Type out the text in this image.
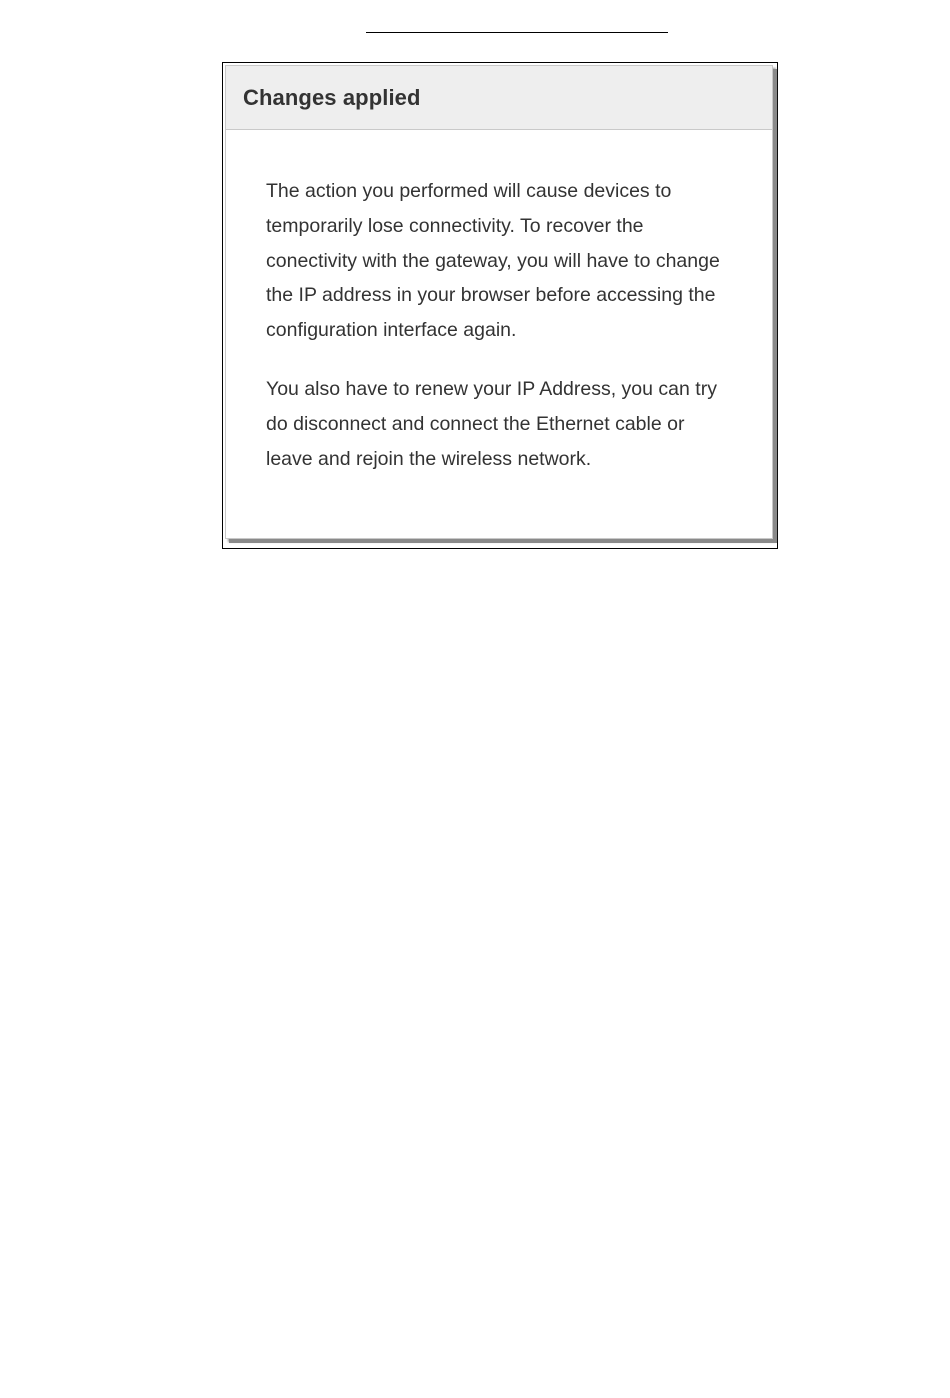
Changes applied

The action you performed will cause devices to temporarily lose connectivity. To recover the conectivity with the gateway, you will have to change the IP address in your browser before accessing the configuration interface again.

You also have to renew your IP Address, you can try do disconnect and connect the Ethernet cable or leave and rejoin the wireless network.
